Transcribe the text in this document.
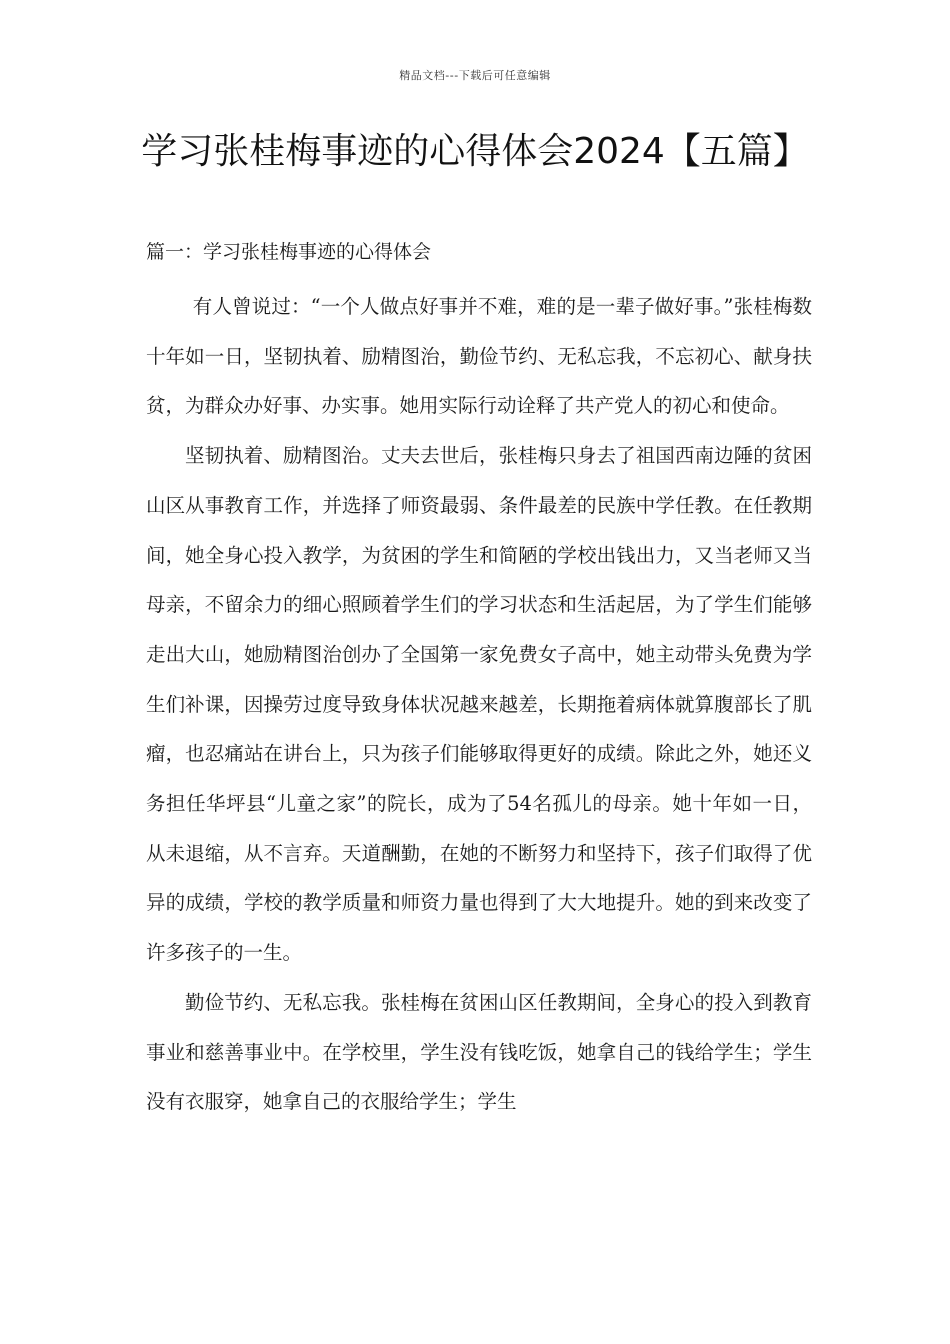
精品文档---下载后可任意编辑
学习张桂梅事迹的心得体会2024【五篇】
篇一：学习张桂梅事迹的心得体会

有人曾说过：“一个人做点好事并不难，难的是一辈子做好事。”张桂梅数十年如一日，坚韧执着、励精图治，勤俭节约、无私忘我，不忘初心、献身扶贫，为群众办好事、办实事。她用实际行动诠释了共产党人的初心和使命。

坚韧执着、励精图治。丈夫去世后，张桂梅只身去了祖国西南边陲的贫困山区从事教育工作，并选择了师资最弱、条件最差的民族中学任教。在任教期间，她全身心投入教学，为贫困的学生和简陋的学校出钱出力，又当老师又当母亲，不留余力的细心照顾着学生们的学习状态和生活起居，为了学生们能够走出大山，她励精图治创办了全国第一家免费女子高中，她主动带头免费为学生们补课，因操劳过度导致身体状况越来越差，长期拖着病体就算腹部长了肌瘤，也忍痛站在讲台上，只为孩子们能够取得更好的成绩。除此之外，她还义务担任华坪县“儿童之家”的院长，成为了54名孤儿的母亲。她十年如一日，从未退缩，从不言弃。天道酬勤，在她的不断努力和坚持下，孩子们取得了优异的成绩，学校的教学质量和师资力量也得到了大大地提升。她的到来改变了许多孩子的一生。

勤俭节约、无私忘我。张桂梅在贫困山区任教期间，全身心的投入到教育事业和慈善事业中。在学校里，学生没有钱吃饭，她拿自己的钱给学生；学生没有衣服穿，她拿自己的衣服给学生；学生
